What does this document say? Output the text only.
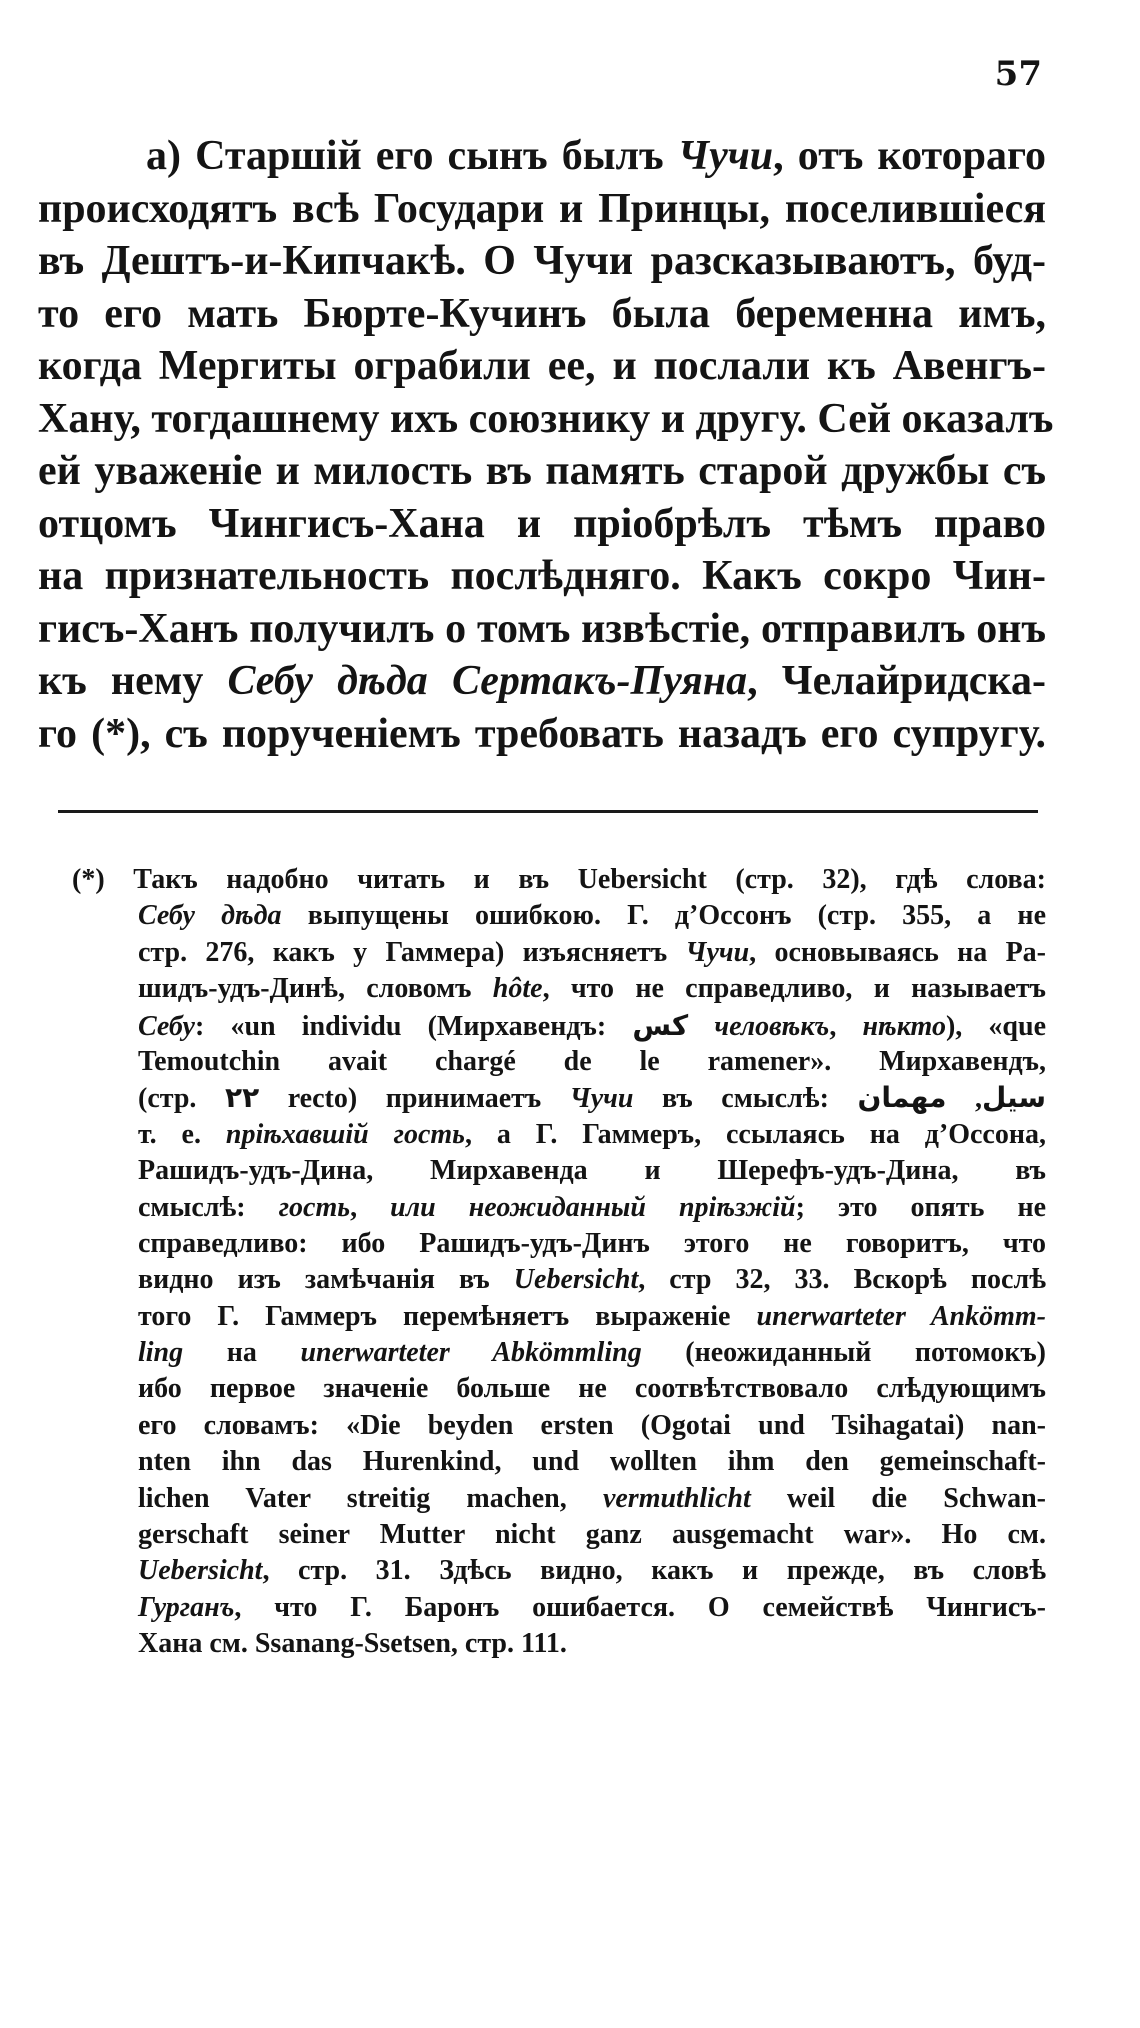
57
а) Старшій его сынъ былъ Чучи, отъ котораго
происходятъ всѣ Государи и Принцы, поселившіеся
въ Дештъ-и-Кипчакѣ. О Чучи разсказываютъ, буд-
то его мать Бюрте-Кучинъ была беременна имъ,
когда Мергиты ограбили ее, и послали къ Авенгъ-
Хану, тогдашнему ихъ союзнику и другу. Сей оказалъ
ей уваженіе и милость въ память старой дружбы съ
отцомъ Чингисъ-Хана и пріобрѣлъ тѣмъ право
на признательность послѣдняго. Какъ сокро Чин-
гисъ-Ханъ получилъ о томъ извѣстіе, отправилъ онъ
къ нему Себу дѣда Сертакъ-Пуяна, Челайридска-
го (*), съ порученіемъ требовать назадъ его супругу.
(*) Такъ надобно читать и въ Uebersicht (стр. 32), гдѣ слова:
Себу дѣда выпущены ошибкою. Г. д’Оссонъ (стр. 355, а не
стр. 276, какъ у Гаммера) изъясняетъ Чучи, основываясь на Ра-
шидъ-удъ-Динѣ, словомъ hôte, что не справедливо, и называетъ
Себу: «un individu (Мирхавендъ: كس человѣкъ, нѣкто), «que
Temoutchin avait chargé de le ramener». Мирхавендъ,
(стр. ٢٢ recto) принимаетъ Чучи въ смыслѣ:	سیل, مهمان
т. е. пріѣхавшій гость, а Г. Гаммеръ, ссылаясь на д’Оссона,
Рашидъ-удъ-Дина, Мирхавенда и Шерефъ-удъ-Дина, въ
смыслѣ: гость, или неожиданный пріѣзжій; это опять не
справедливо: ибо Рашидъ-удъ-Динъ этого не говоритъ, что
видно изъ замѣчанія въ Uebersicht, стр 32, 33. Вскорѣ послѣ
того Г. Гаммеръ перемѣняетъ выраженіе unerwarteter Ankömm-
ling на unerwarteter Abkömmling (неожиданный потомокъ)
ибо первое значеніе больше не соотвѣтствовало слѣдующимъ
его словамъ: «Die beyden ersten (Ogotai und Tsihagatai) nan-
nten ihn das Hurenkind, und wollten ihm den gemeinschaft-
lichen Vater streitig machen, vermuthlicht weil die Schwan-
gerschaft seiner Mutter nicht ganz ausgemacht war». Но см.
Uebersicht, стр. 31. Здѣсь видно, какъ и прежде, въ словѣ
Гурганъ, что Г. Баронъ ошибается. О семействѣ Чингисъ-
Хана см. Ssanang-Ssetsen, стр. 111.
